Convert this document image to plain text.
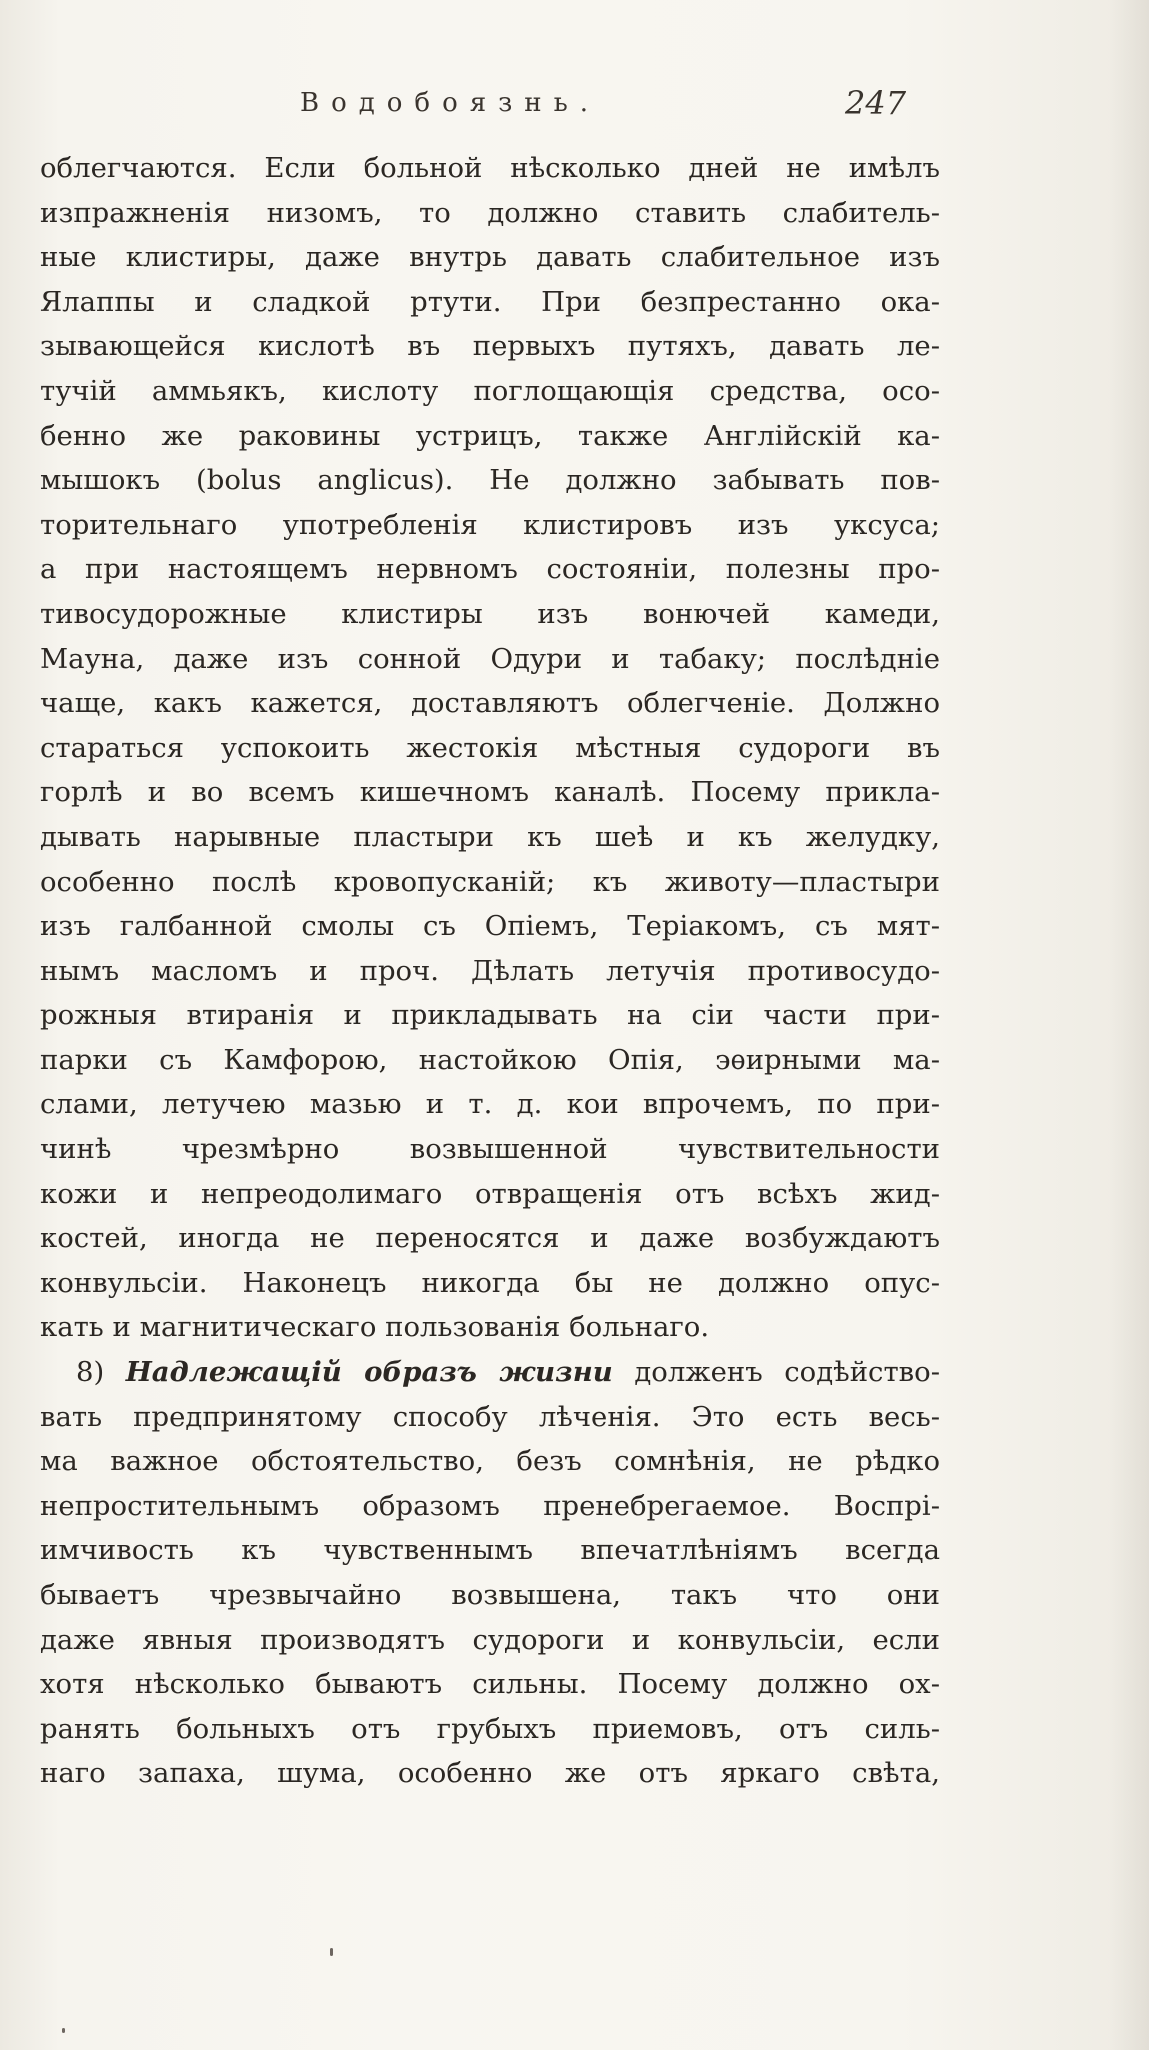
Водобоязнь.	247
облегчаются. Если больной нѣсколько дней не имѣлъ
изпражненія низомъ, то должно ставить слабитель-
ные клистиры, даже внутрь давать слабительное изъ
Ялаппы и сладкой ртути. При безпрестанно ока-
зывающейся кислотѣ въ первыхъ путяхъ, давать ле-
тучій аммьякъ, кислоту поглощающія средства, осо-
бенно же раковины устрицъ, также Англійскій ка-
мышокъ (bolus anglicus). Не должно забывать пов-
торительнаго употребленія клистировъ изъ уксуса;
а при настоящемъ нервномъ состояніи, полезны про-
тивосудорожные клистиры изъ вонючей камеди,
Мауна, даже изъ сонной Одури и табаку; послѣдніе
чаще, какъ кажется, доставляютъ облегченіе. Должно
стараться успокоить жестокія мѣстныя судороги въ
горлѣ и во всемъ кишечномъ каналѣ. Посему прикла-
дывать нарывные пластыри къ шеѣ и къ желудку,
особенно послѣ кровопусканій; къ животу—пластыри
изъ галбанной смолы съ Опіемъ, Теріакомъ, съ мят-
нымъ масломъ и проч. Дѣлать летучія противосудо-
рожныя втиранія и прикладывать на сіи части при-
парки съ Камфорою, настойкою Опія, эѳирными ма-
слами, летучею мазью и т. д. кои впрочемъ, по при-
чинѣ чрезмѣрно возвышенной чувствительности
кожи и непреодолимаго отвращенія отъ всѣхъ жид-
костей, иногда не переносятся и даже возбуждаютъ
конвульсіи. Наконецъ никогда бы не должно опус-
кать и магнитическаго пользованія больнаго.
8) Надлежащій образъ жизни долженъ содѣйство-
вать предпринятому способу лѣченія. Это есть весь-
ма важное обстоятельство, безъ сомнѣнія, не рѣдко
непростительнымъ образомъ пренебрегаемое. Воспрі-
имчивость къ чувственнымъ впечатлѣніямъ всегда
бываетъ чрезвычайно возвышена, такъ что они
даже явныя производятъ судороги и конвульсіи, если
хотя нѣсколько бываютъ сильны. Посему должно ох-
ранять больныхъ отъ грубыхъ приемовъ, отъ силь-
наго запаха, шума, особенно же отъ яркаго свѣта,
